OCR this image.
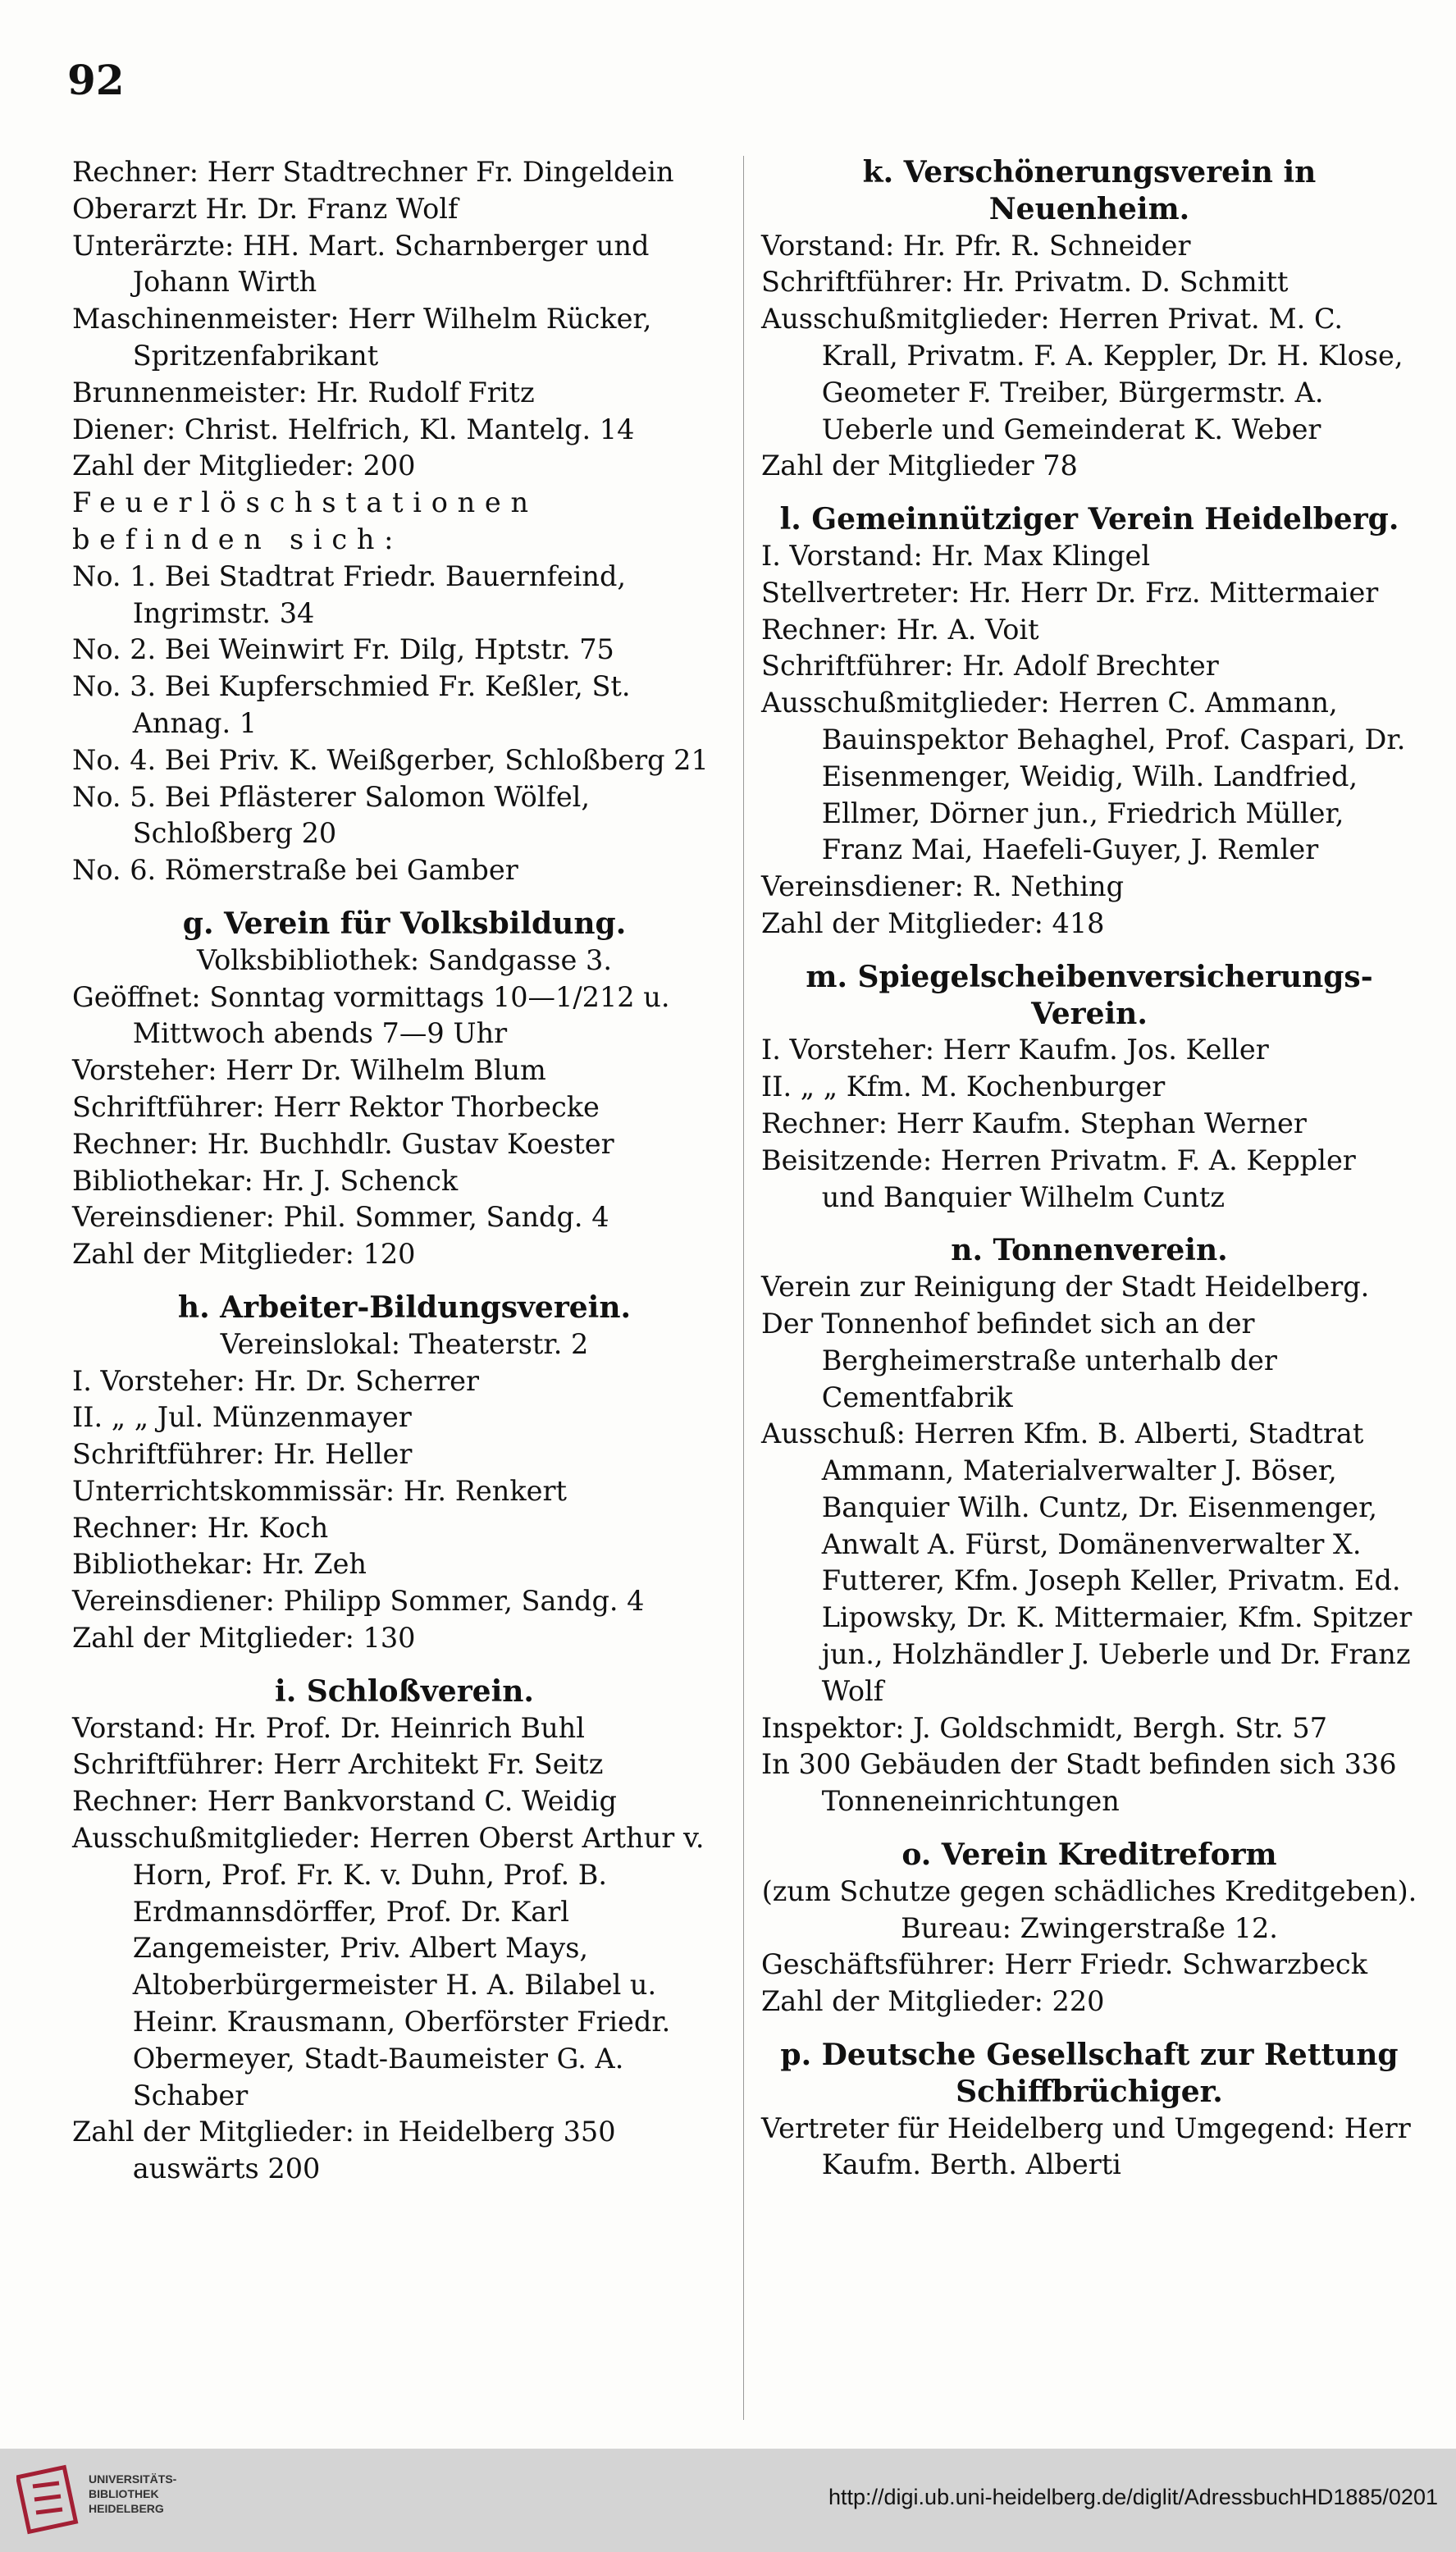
92

Rechner: Herr Stadtrechner Fr. Dingeldein

Oberarzt Hr. Dr. Franz Wolf

Unterärzte: HH. Mart. Scharnberger und Johann Wirth

Maschinenmeister: Herr Wilhelm Rücker, Spritzenfabrikant

Brunnenmeister: Hr. Rudolf Fritz

Diener: Christ. Helfrich, Kl. Mantelg. 14

Zahl der Mitglieder: 200

Feuerlöschstationen befinden sich:

No. 1. Bei Stadtrat Friedr. Bauernfeind, Ingrimstr. 34

No. 2. Bei Weinwirt Fr. Dilg, Hptstr. 75

No. 3. Bei Kupferschmied Fr. Keßler, St. Annag. 1

No. 4. Bei Priv. K. Weißgerber, Schloßberg 21

No. 5. Bei Pflästerer Salomon Wölfel, Schloßberg 20

No. 6. Römerstraße bei Gamber

g. Verein für Volksbildung.

Volksbibliothek: Sandgasse 3.

Geöffnet: Sonntag vormittags 10—1/212 u. Mittwoch abends 7—9 Uhr

Vorsteher: Herr Dr. Wilhelm Blum

Schriftführer: Herr Rektor Thorbecke

Rechner: Hr. Buchhdlr. Gustav Koester

Bibliothekar: Hr. J. Schenck

Vereinsdiener: Phil. Sommer, Sandg. 4

Zahl der Mitglieder: 120

h. Arbeiter-Bildungsverein.

Vereinslokal: Theaterstr. 2

I. Vorsteher: Hr. Dr. Scherrer

II. „ „ Jul. Münzenmayer

Schriftführer: Hr. Heller

Unterrichtskommissär: Hr. Renkert

Rechner: Hr. Koch

Bibliothekar: Hr. Zeh

Vereinsdiener: Philipp Sommer, Sandg. 4

Zahl der Mitglieder: 130

i. Schloßverein.

Vorstand: Hr. Prof. Dr. Heinrich Buhl

Schriftführer: Herr Architekt Fr. Seitz

Rechner: Herr Bankvorstand C. Weidig

Ausschußmitglieder: Herren Oberst Arthur v. Horn, Prof. Fr. K. v. Duhn, Prof. B. Erdmannsdörffer, Prof. Dr. Karl Zangemeister, Priv. Albert Mays, Altoberbürgermeister H. A. Bilabel u. Heinr. Krausmann, Oberförster Friedr. Obermeyer, Stadt-Baumeister G. A. Schaber

Zahl der Mitglieder: in Heidelberg 350 auswärts 200

k. Verschönerungsverein in Neuenheim.

Vorstand: Hr. Pfr. R. Schneider

Schriftführer: Hr. Privatm. D. Schmitt

Ausschußmitglieder: Herren Privat. M. C. Krall, Privatm. F. A. Keppler, Dr. H. Klose, Geometer F. Treiber, Bürgermstr. A. Ueberle und Gemeinderat K. Weber

Zahl der Mitglieder 78

l. Gemeinnütziger Verein Heidelberg.

I. Vorstand: Hr. Max Klingel

Stellvertreter: Hr. Herr Dr. Frz. Mittermaier

Rechner: Hr. A. Voit

Schriftführer: Hr. Adolf Brechter

Ausschußmitglieder: Herren C. Ammann, Bauinspektor Behaghel, Prof. Caspari, Dr. Eisenmenger, Weidig, Wilh. Landfried, Ellmer, Dörner jun., Friedrich Müller, Franz Mai, Haefeli-Guyer, J. Remler

Vereinsdiener: R. Nething

Zahl der Mitglieder: 418

m. Spiegelscheibenversicherungs-Verein.

I. Vorsteher: Herr Kaufm. Jos. Keller

II. „ „ Kfm. M. Kochenburger

Rechner: Herr Kaufm. Stephan Werner

Beisitzende: Herren Privatm. F. A. Keppler und Banquier Wilhelm Cuntz

n. Tonnenverein.

Verein zur Reinigung der Stadt Heidelberg.

Der Tonnenhof befindet sich an der Bergheimerstraße unterhalb der Cementfabrik

Ausschuß: Herren Kfm. B. Alberti, Stadtrat Ammann, Materialverwalter J. Böser, Banquier Wilh. Cuntz, Dr. Eisenmenger, Anwalt A. Fürst, Domänenverwalter X. Futterer, Kfm. Joseph Keller, Privatm. Ed. Lipowsky, Dr. K. Mittermaier, Kfm. Spitzer jun., Holzhändler J. Ueberle und Dr. Franz Wolf

Inspektor: J. Goldschmidt, Bergh. Str. 57

In 300 Gebäuden der Stadt befinden sich 336 Tonneneinrichtungen

o. Verein Kreditreform

(zum Schutze gegen schädliches Kreditgeben).

Bureau: Zwingerstraße 12.

Geschäftsführer: Herr Friedr. Schwarzbeck

Zahl der Mitglieder: 220

p. Deutsche Gesellschaft zur Rettung Schiffbrüchiger.

Vertreter für Heidelberg und Umgegend: Herr Kaufm. Berth. Alberti

UNIVERSITÄTS-
BIBLIOTHEK
HEIDELBERG	http://digi.ub.uni-heidelberg.de/diglit/AdressbuchHD1885/0201
